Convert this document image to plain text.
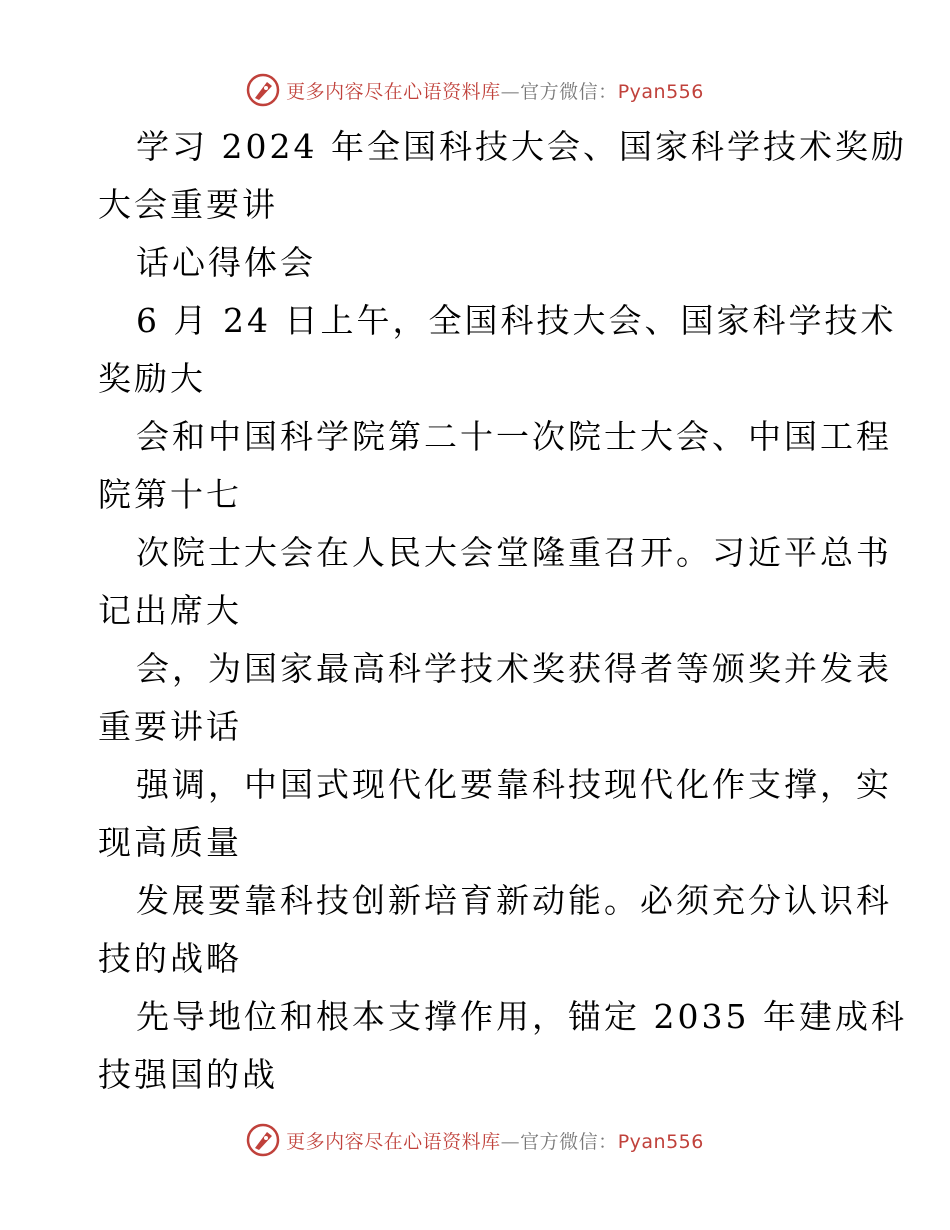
更多内容尽在心语资料库—官方微信：Pyan556
学习 2024 年全国科技大会、国家科学技术奖励
大会重要讲
话心得体会
6 月 24 日上午，全国科技大会、国家科学技术
奖励大
会和中国科学院第二十一次院士大会、中国工程
院第十七
次院士大会在人民大会堂隆重召开。习近平总书
记出席大
会，为国家最高科学技术奖获得者等颁奖并发表
重要讲话
强调，中国式现代化要靠科技现代化作支撑，实
现高质量
发展要靠科技创新培育新动能。必须充分认识科
技的战略
先导地位和根本支撑作用，锚定 2035 年建成科
技强国的战
更多内容尽在心语资料库—官方微信：Pyan556
